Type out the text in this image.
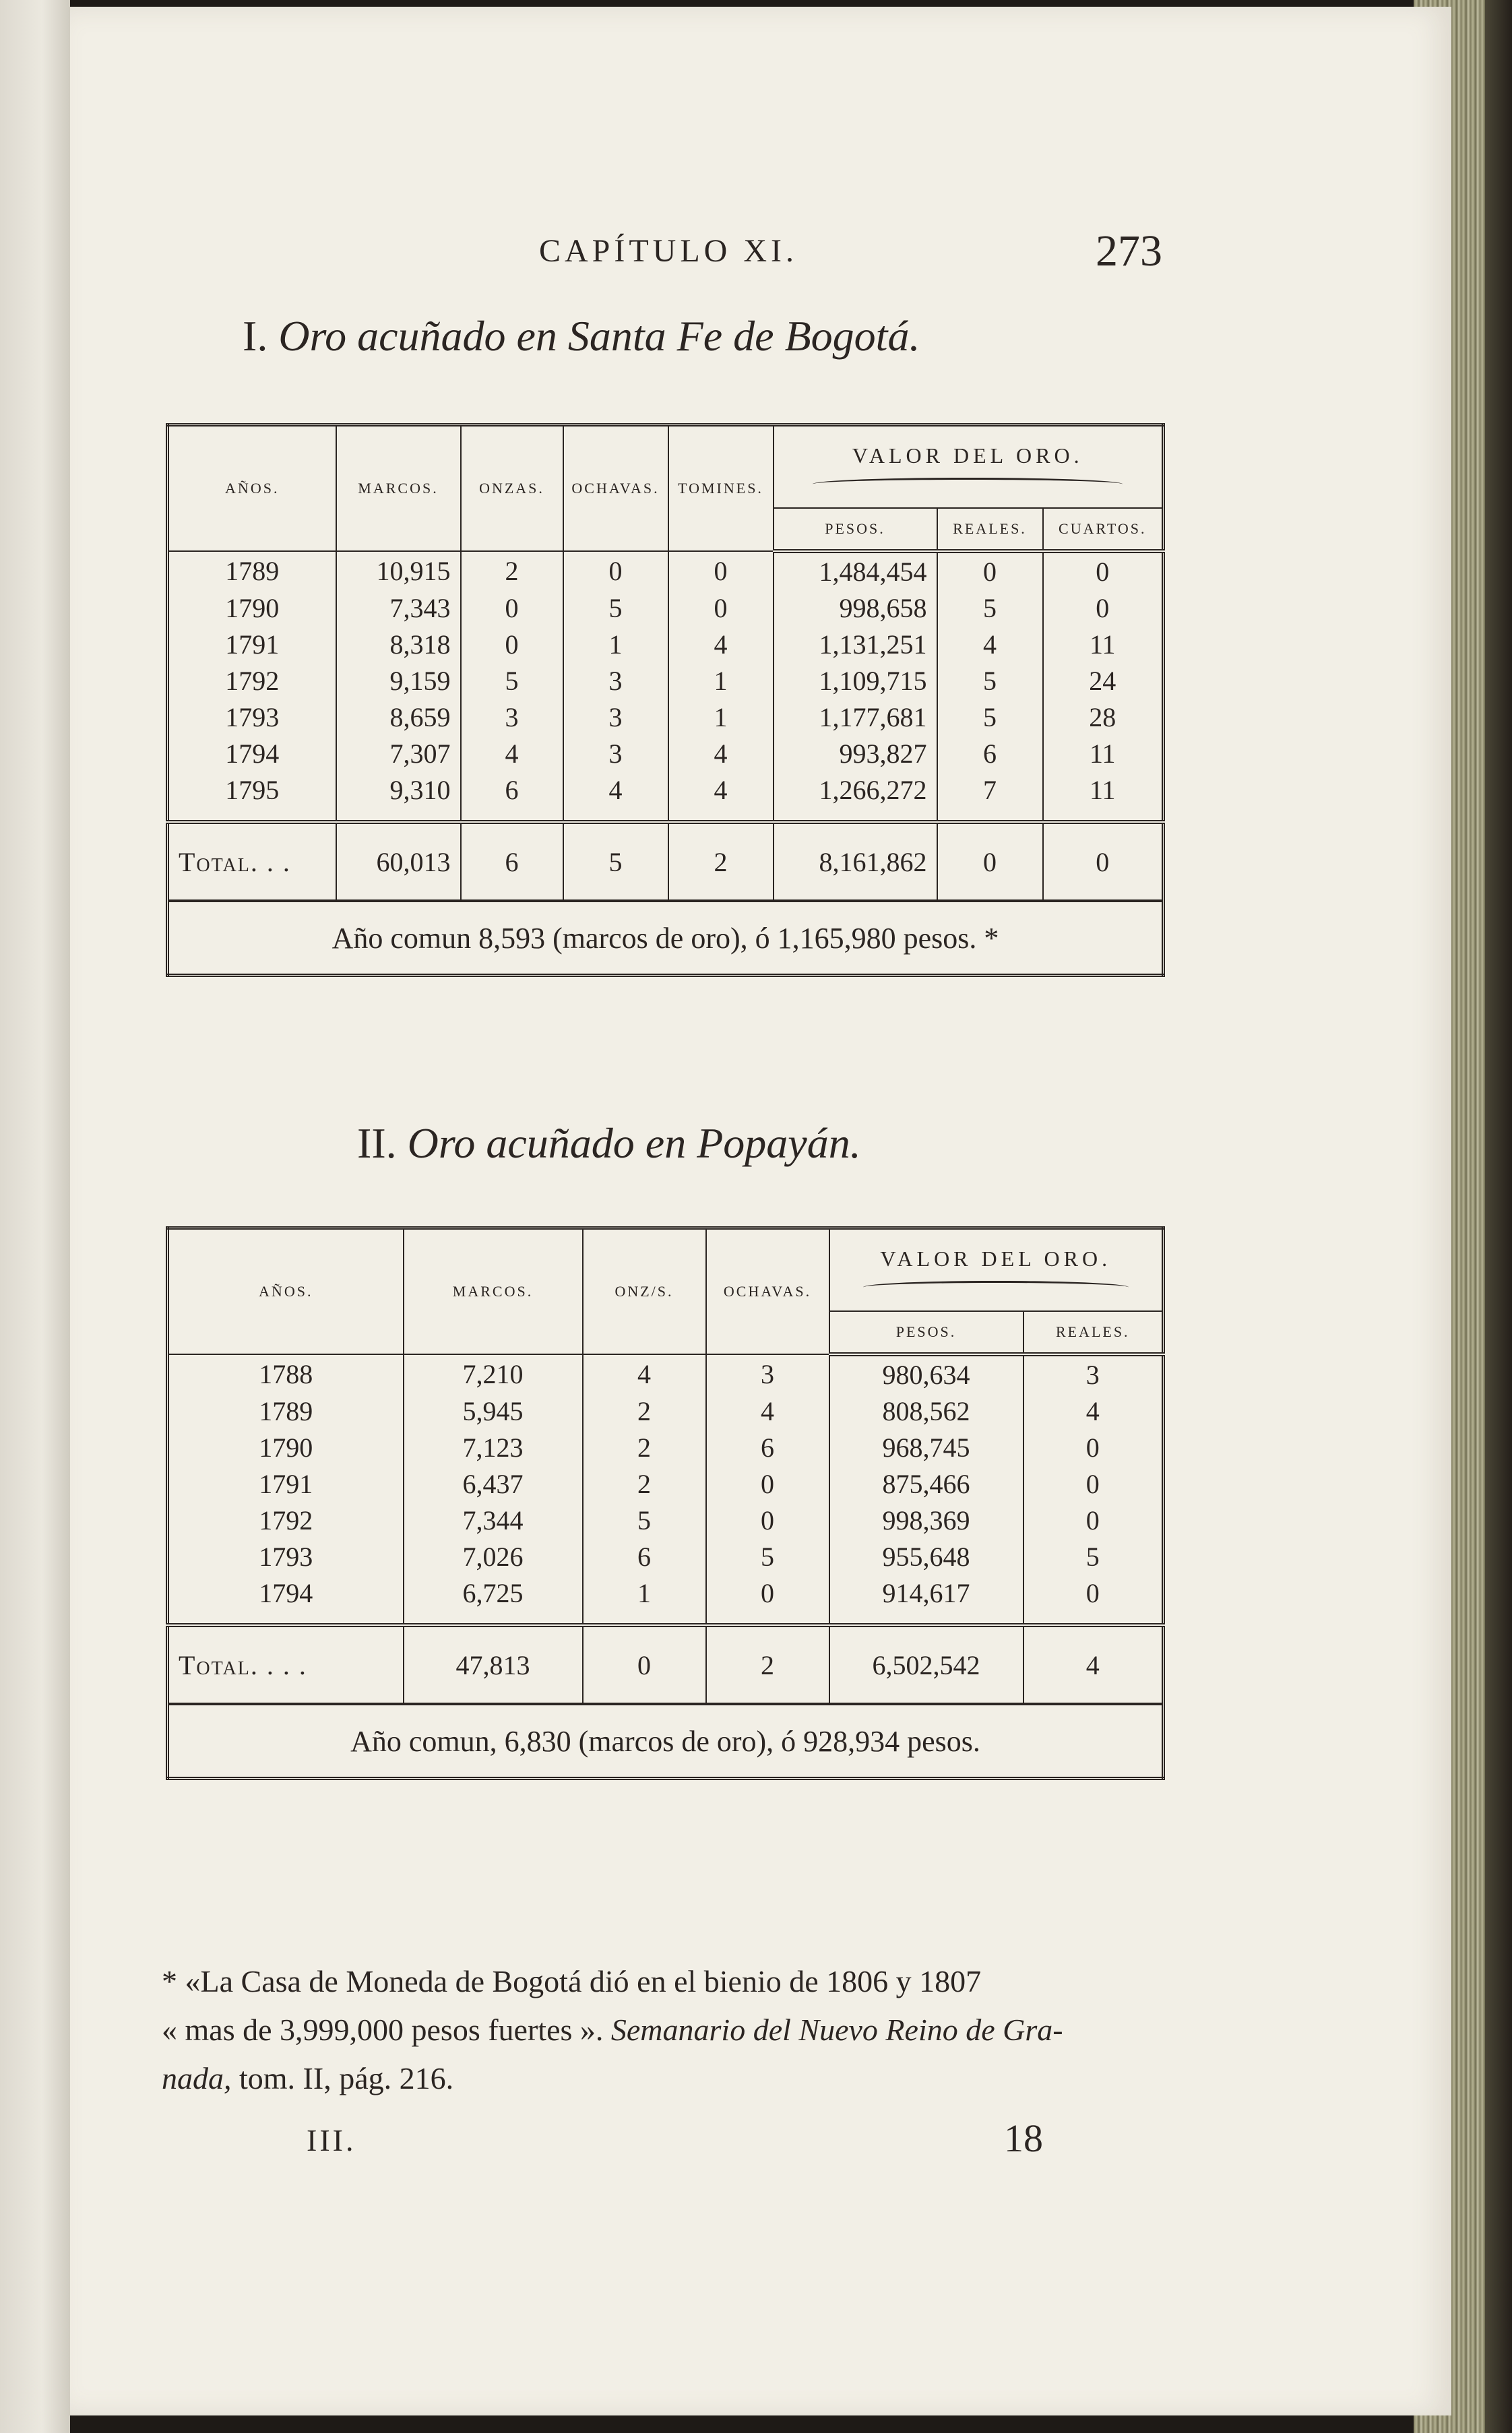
CAPÍTULO XI.	273
I. Oro acuñado en Santa Fe de Bogotá.
AÑOS.	MARCOS.	ONZAS.	OCHAVAS.	TOMINES.	VALOR DEL ORO.		

					PESOS.	REALES.	CUARTOS.
1789	10,915	2	0	0	1,484,454	0	0
1790	7,343	0	5	0	998,658	5	0
1791	8,318	0	1	4	1,131,251	4	11
1792	9,159	5	3	1	1,109,715	5	24
1793	8,659	3	3	1	1,177,681	5	28
1794	7,307	4	3	4	993,827	6	11
1795	9,310	6	4	4	1,266,272	7	11
Total. . .	60,013	6	5	2	8,161,862	0	0
Año comun 8,593 (marcos de oro), ó 1,165,980 pesos. *							
II. Oro acuñado en Popayán.
AÑOS.	MARCOS.	ONZ/S.	OCHAVAS.	VALOR DEL ORO.	

				PESOS.	REALES.
1788	7,210	4	3	980,634	3
1789	5,945	2	4	808,562	4
1790	7,123	2	6	968,745	0
1791	6,437	2	0	875,466	0
1792	7,344	5	0	998,369	0
1793	7,026	6	5	955,648	5
1794	6,725	1	0	914,617	0
Total. . . .	47,813	0	2	6,502,542	4
Año comun, 6,830 (marcos de oro), ó 928,934 pesos.					
* «La Casa de Moneda de Bogotá dió en el bienio de 1806 y 1807
« mas de 3,999,000 pesos fuertes ». Semanario del Nuevo Reino de Gra-
nada, tom. II, pág. 216.
III.	18
